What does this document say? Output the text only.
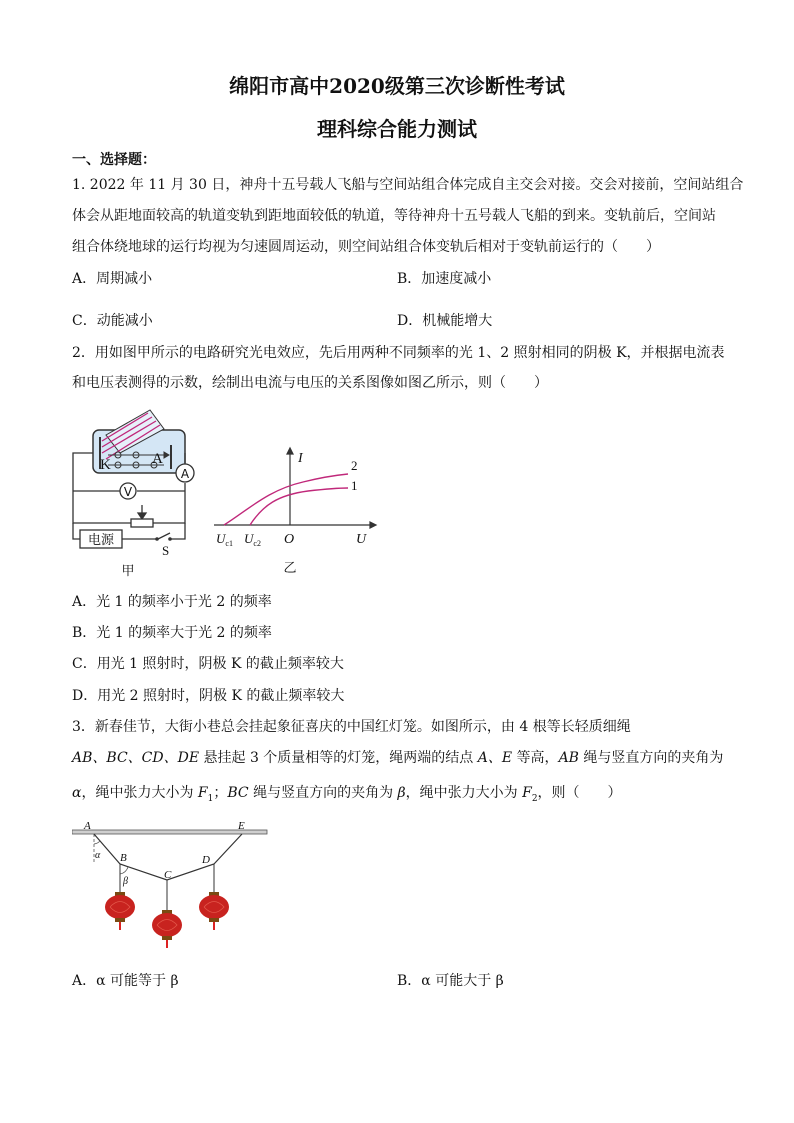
绵阳市高中2020级第三次诊断性考试
理科综合能力测试
一、选择题：
1. 2022 年 11 月 30 日，神舟十五号载人飞船与空间站组合体完成自主交会对接。交会对接前，空间站组合
体会从距地面较高的轨道变轨到距地面较低的轨道，等待神舟十五号载人飞船的到来。变轨前后，空间站
组合体绕地球的运行均视为匀速圆周运动，则空间站组合体变轨后相对于变轨前运行的（　　）
A．周期减小	B．加速度减小
C．动能减小	D．机械能增大
2．用如图甲所示的电路研究光电效应，先后用两种不同频率的光 1、2 照射相同的阴极 K，并根据电流表
和电压表测得的示数，绘制出电流与电压的关系图像如图乙所示，则（　　）
K	A
V
A
电源
S
甲
I
U
O
2
1
$U_{c1}$ $U_{c2}$
乙
A．光 1 的频率小于光 2 的频率
B．光 1 的频率大于光 2 的频率
C．用光 1 照射时，阴极 K 的截止频率较大
D．用光 2 照射时，阴极 K 的截止频率较大
3．新春佳节，大街小巷总会挂起象征喜庆的中国红灯笼。如图所示，由 4 根等长轻质细绳
AB、BC、CD、DE 悬挂起 3 个质量相等的灯笼，绳两端的结点 A、E 等高，AB 绳与竖直方向的夹角为
α，绳中张力大小为 $F_1$；BC 绳与竖直方向的夹角为 β，绳中张力大小为 $F_2$，则（　　）
A	E
B
C
D
α
β
A．α 可能等于 β	B．α 可能大于 β
